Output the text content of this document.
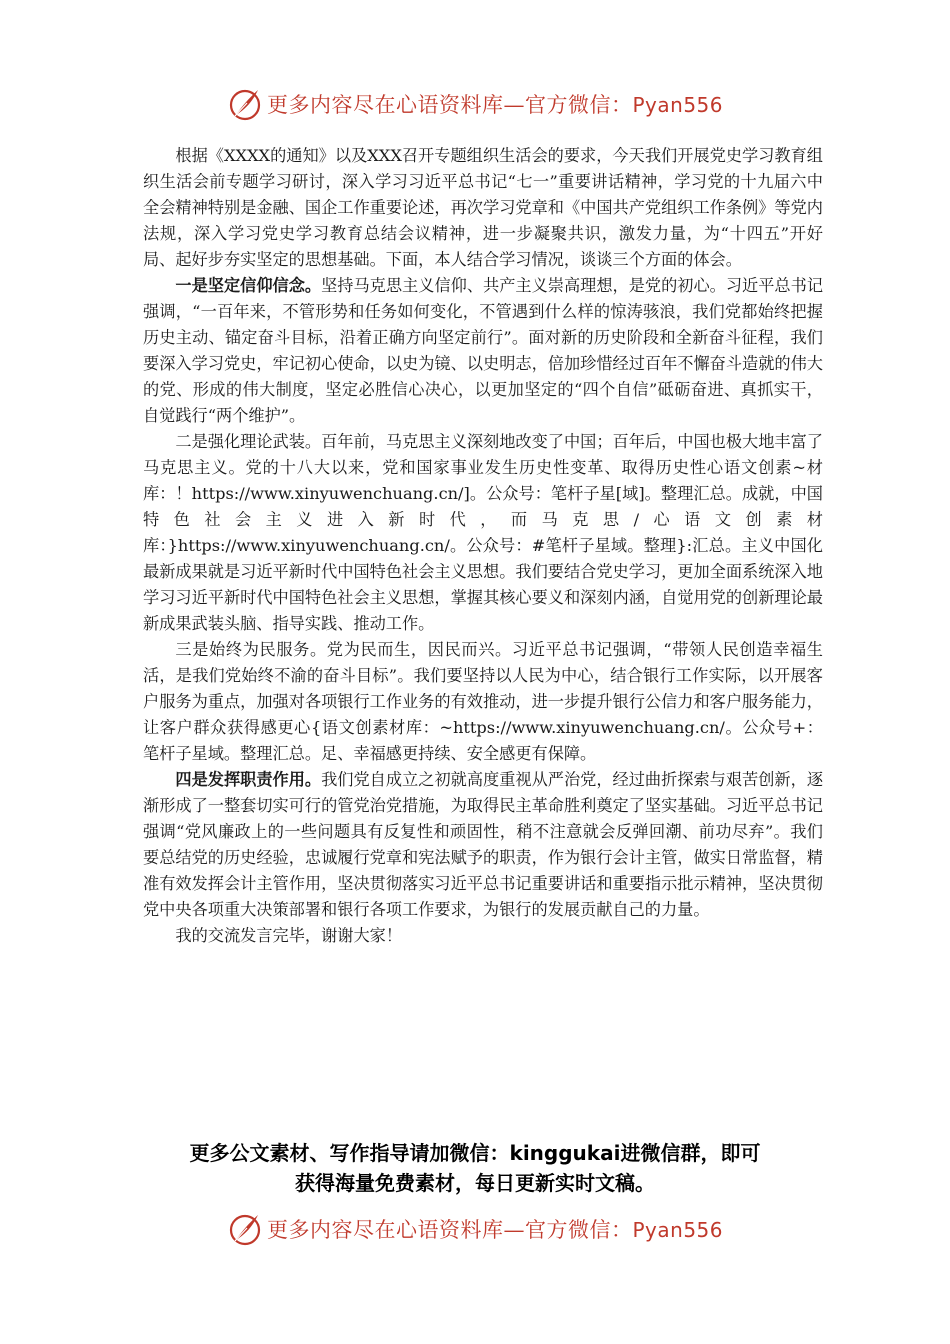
更多内容尽在心语资料库—官方微信：Pyan556

根据《XXXX的通知》以及XXX召开专题组织生活会的要求，今天我们开展党史学习教育组织生活会前专题学习研讨，深入学习习近平总书记“七一”重要讲话精神，学习党的十九届六中全会精神特别是金融、国企工作重要论述，再次学习党章和《中国共产党组织工作条例》等党内法规，深入学习党史学习教育总结会议精神，进一步凝聚共识，激发力量，为“十四五”开好局、起好步夯实坚定的思想基础。下面，本人结合学习情况，谈谈三个方面的体会。

一是坚定信仰信念。坚持马克思主义信仰、共产主义崇高理想，是党的初心。习近平总书记强调，“一百年来，不管形势和任务如何变化，不管遇到什么样的惊涛骇浪，我们党都始终把握历史主动、锚定奋斗目标，沿着正确方向坚定前行”。面对新的历史阶段和全新奋斗征程，我们要深入学习党史，牢记初心使命，以史为镜、以史明志，倍加珍惜经过百年不懈奋斗造就的伟大的党、形成的伟大制度，坚定必胜信心决心，以更加坚定的“四个自信”砥砺奋进、真抓实干，自觉践行“两个维护”。

二是强化理论武装。百年前，马克思主义深刻地改变了中国；百年后，中国也极大地丰富了马克思主义。党的十八大以来，党和国家事业发生历史性变革、取得历史性心语文创素~材库：！https://www.xinyuwenchuang.cn/]。公众号：笔杆子星[域]。整理汇总。成就，中国特色社会主义进入新时代，而马克思/心语文创素材库：}https://www.xinyuwenchuang.cn/。公众号：#笔杆子星域。整理}:汇总。主义中国化最新成果就是习近平新时代中国特色社会主义思想。我们要结合党史学习，更加全面系统深入地学习习近平新时代中国特色社会主义思想，掌握其核心要义和深刻内涵，自觉用党的创新理论最新成果武装头脑、指导实践、推动工作。

三是始终为民服务。党为民而生，因民而兴。习近平总书记强调，“带领人民创造幸福生活，是我们党始终不渝的奋斗目标”。我们要坚持以人民为中心，结合银行工作实际，以开展客户服务为重点，加强对各项银行工作业务的有效推动，进一步提升银行公信力和客户服务能力，让客户群众获得感更心{语文创素材库：~https://www.xinyuwenchuang.cn/。公众号+：笔杆子星域。整理汇总。足、幸福感更持续、安全感更有保障。

四是发挥职责作用。我们党自成立之初就高度重视从严治党，经过曲折探索与艰苦创新，逐渐形成了一整套切实可行的管党治党措施，为取得民主革命胜利奠定了坚实基础。习近平总书记强调“党风廉政上的一些问题具有反复性和顽固性，稍不注意就会反弹回潮、前功尽弃”。我们要总结党的历史经验，忠诚履行党章和宪法赋予的职责，作为银行会计主管，做实日常监督，精准有效发挥会计主管作用，坚决贯彻落实习近平总书记重要讲话和重要指示批示精神，坚决贯彻党中央各项重大决策部署和银行各项工作要求，为银行的发展贡献自己的力量。

我的交流发言完毕，谢谢大家！

更多公文素材、写作指导请加微信：kinggukai进微信群，即可
获得海量免费素材，每日更新实时文稿。
更多内容尽在心语资料库—官方微信：Pyan556
